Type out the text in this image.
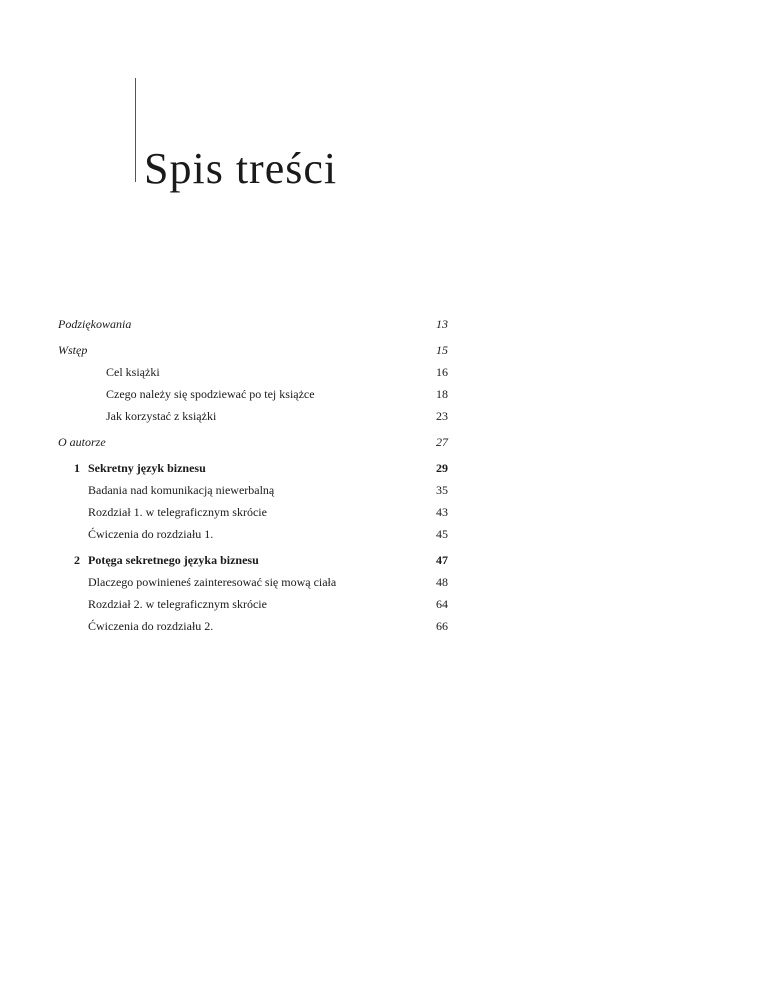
Spis treści
Podziękowania	13
Wstęp	15
Cel książki	16
Czego należy się spodziewać po tej książce	18
Jak korzystać z książki	23
O autorze	27
1 Sekretny język biznesu	29
Badania nad komunikacją niewerbalną	35
Rozdział 1. w telegraficznym skrócie	43
Ćwiczenia do rozdziału 1.	45
2 Potęga sekretnego języka biznesu	47
Dlaczego powinieneś zainteresować się mową ciała	48
Rozdział 2. w telegraficznym skrócie	64
Ćwiczenia do rozdziału 2.	66
